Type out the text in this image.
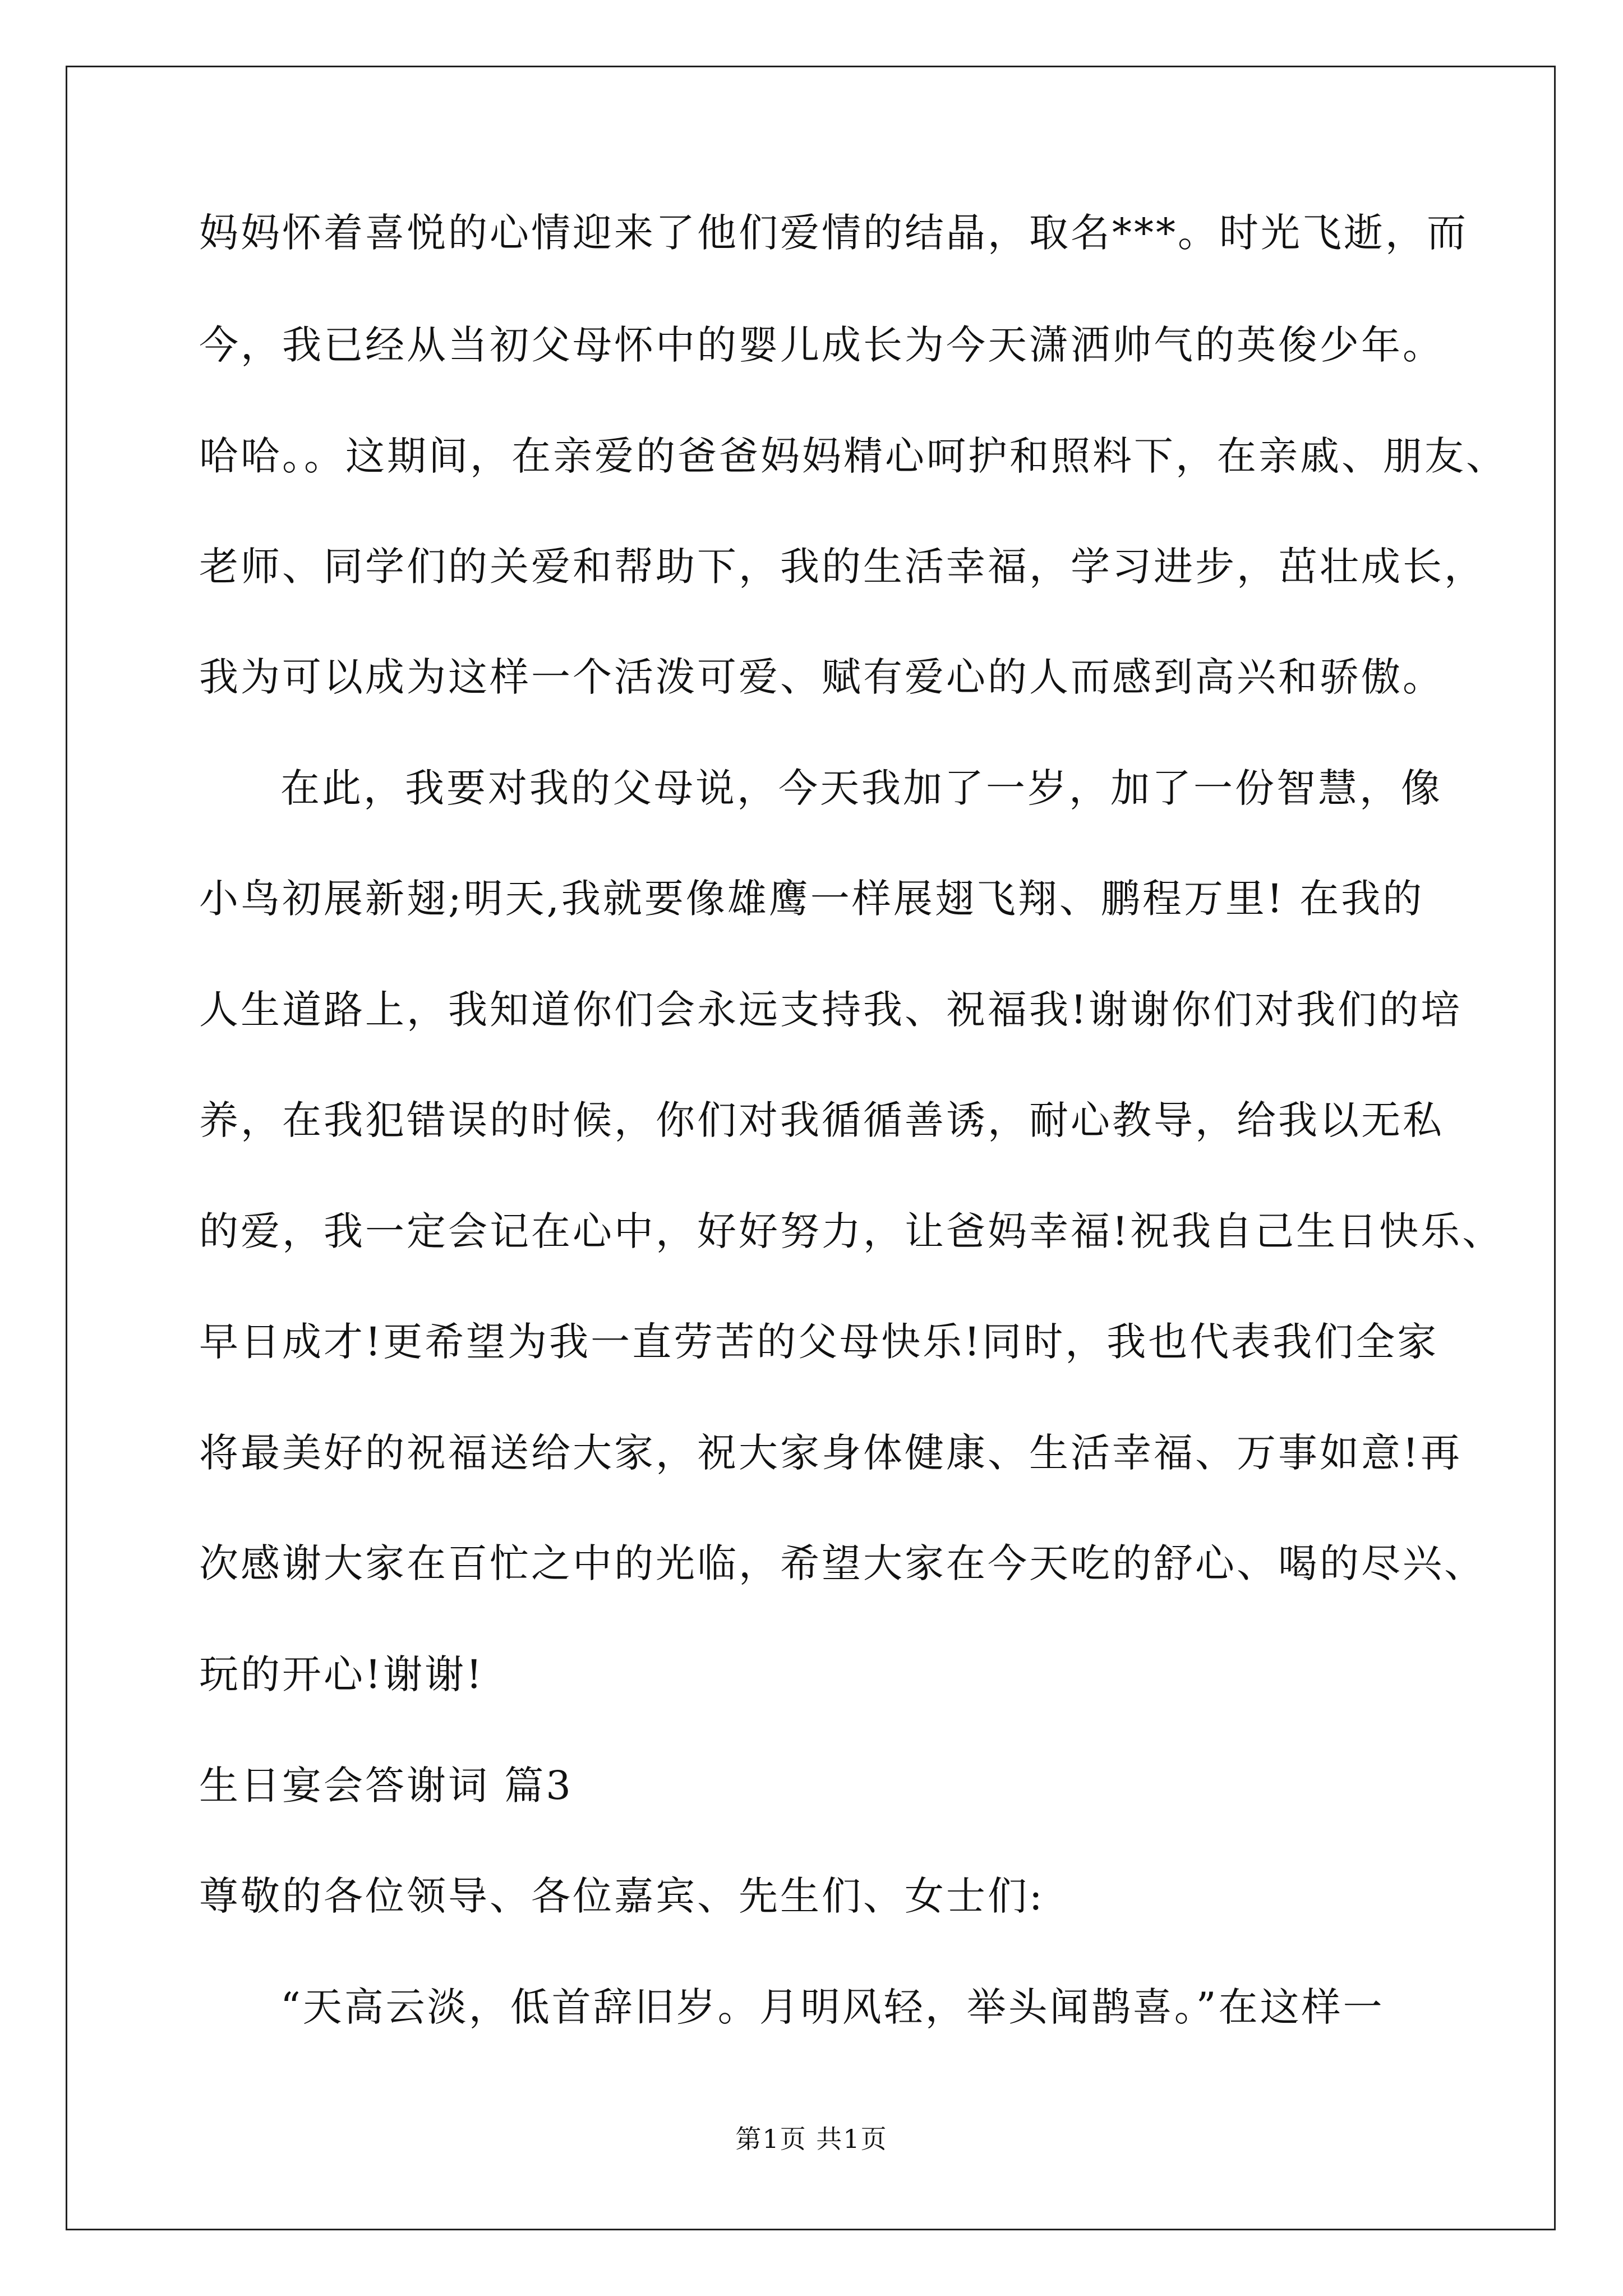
妈妈怀着喜悦的心情迎来了他们爱情的结晶，取名***。时光飞逝，而
今，我已经从当初父母怀中的婴儿成长为今天潇洒帅气的英俊少年。
哈哈。。这期间，在亲爱的爸爸妈妈精心呵护和照料下，在亲戚、朋友、
老师、同学们的关爱和帮助下，我的生活幸福，学习进步，茁壮成长，
我为可以成为这样一个活泼可爱、赋有爱心的人而感到高兴和骄傲。
在此，我要对我的父母说，今天我加了一岁，加了一份智慧，像
小鸟初展新翅;明天,我就要像雄鹰一样展翅飞翔、鹏程万里! 在我的
人生道路上，我知道你们会永远支持我、祝福我!谢谢你们对我们的培
养，在我犯错误的时候，你们对我循循善诱，耐心教导，给我以无私
的爱，我一定会记在心中，好好努力，让爸妈幸福!祝我自己生日快乐、
早日成才!更希望为我一直劳苦的父母快乐!同时，我也代表我们全家
将最美好的祝福送给大家，祝大家身体健康、生活幸福、万事如意!再
次感谢大家在百忙之中的光临，希望大家在今天吃的舒心、喝的尽兴、
玩的开心!谢谢!
生日宴会答谢词 篇3
尊敬的各位领导、各位嘉宾、先生们、女士们:
“天高云淡，低首辞旧岁。月明风轻，举头闻鹊喜。”在这样一
第1页 共1页
